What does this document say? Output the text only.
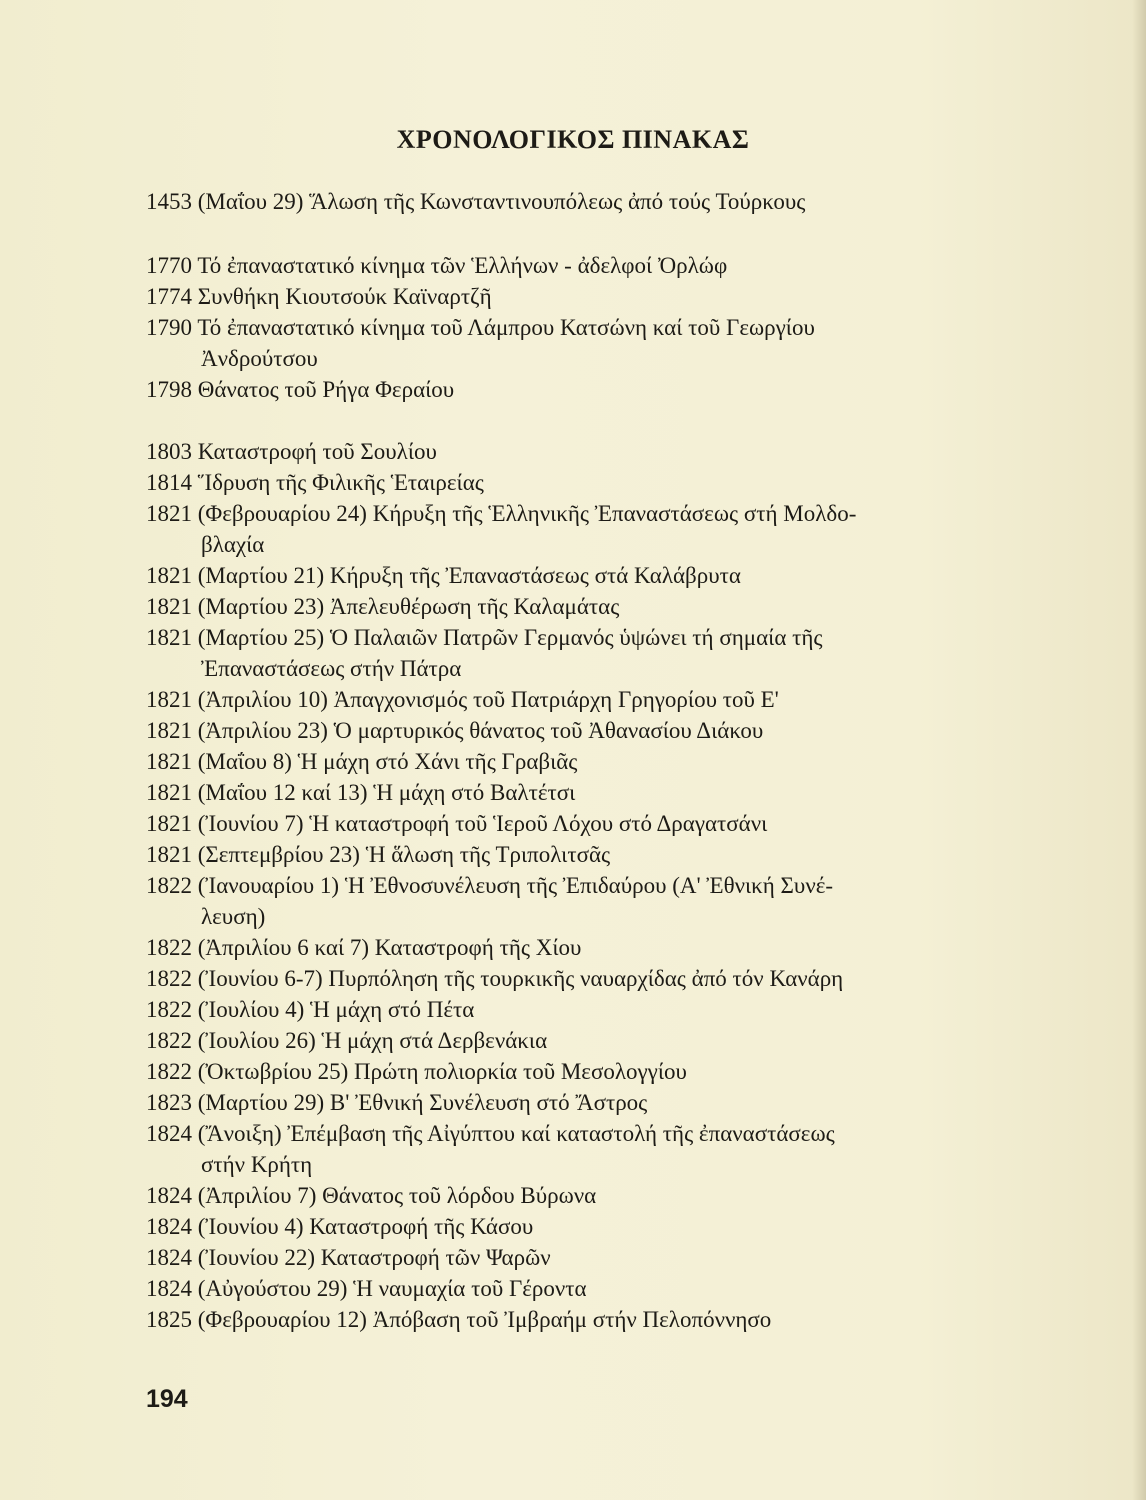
ΧΡΟΝΟΛΟΓΙΚΟΣ ΠΙΝΑΚΑΣ
1453 (Μαΐου 29) Ἅλωση τῆς Κωνσταντινουπόλεως ἀπό τούς Τούρκους
1770 Τό ἐπαναστατικό κίνημα τῶν Ἑλλήνων - ἀδελφοί Ὀρλώφ
1774 Συνθήκη Κιουτσούκ Καϊναρτζῆ
1790 Τό ἐπαναστατικό κίνημα τοῦ Λάμπρου Κατσώνη καί τοῦ Γεωργίου
Ἀνδρούτσου
1798 Θάνατος τοῦ Ρήγα Φεραίου
1803 Καταστροφή τοῦ Σουλίου
1814 Ἵδρυση τῆς Φιλικῆς Ἑταιρείας
1821 (Φεβρουαρίου 24) Κήρυξη τῆς Ἑλληνικῆς Ἐπαναστάσεως στή Μολδο-
βλαχία
1821 (Μαρτίου 21) Κήρυξη τῆς Ἐπαναστάσεως στά Καλάβρυτα
1821 (Μαρτίου 23) Ἀπελευθέρωση τῆς Καλαμάτας
1821 (Μαρτίου 25) Ὁ Παλαιῶν Πατρῶν Γερμανός ὑψώνει τή σημαία τῆς
Ἐπαναστάσεως στήν Πάτρα
1821 (Ἀπριλίου 10) Ἀπαγχονισμός τοῦ Πατριάρχη Γρηγορίου τοῦ Ε'
1821 (Ἀπριλίου 23) Ὁ μαρτυρικός θάνατος τοῦ Ἀθανασίου Διάκου
1821 (Μαΐου 8) Ἡ μάχη στό Χάνι τῆς Γραβιᾶς
1821 (Μαΐου 12 καί 13) Ἡ μάχη στό Βαλτέτσι
1821 (Ἰουνίου 7) Ἡ καταστροφή τοῦ Ἱεροῦ Λόχου στό Δραγατσάνι
1821 (Σεπτεμβρίου 23) Ἡ ἅλωση τῆς Τριπολιτσᾶς
1822 (Ἰανουαρίου 1) Ἡ Ἐθνοσυνέλευση τῆς Ἐπιδαύρου (Α' Ἐθνική Συνέ-
λευση)
1822 (Ἀπριλίου 6 καί 7) Καταστροφή τῆς Χίου
1822 (Ἰουνίου 6-7) Πυρπόληση τῆς τουρκικῆς ναυαρχίδας ἀπό τόν Κανάρη
1822 (Ἰουλίου 4) Ἡ μάχη στό Πέτα
1822 (Ἰουλίου 26) Ἡ μάχη στά Δερβενάκια
1822 (Ὀκτωβρίου 25) Πρώτη πολιορκία τοῦ Μεσολογγίου
1823 (Μαρτίου 29) Β' Ἐθνική Συνέλευση στό Ἄστρος
1824 (Ἄνοιξη) Ἐπέμβαση τῆς Αἰγύπτου καί καταστολή τῆς ἐπαναστάσεως
στήν Κρήτη
1824 (Ἀπριλίου 7) Θάνατος τοῦ λόρδου Βύρωνα
1824 (Ἰουνίου 4) Καταστροφή τῆς Κάσου
1824 (Ἰουνίου 22) Καταστροφή τῶν Ψαρῶν
1824 (Αὐγούστου 29) Ἡ ναυμαχία τοῦ Γέροντα
1825 (Φεβρουαρίου 12) Ἀπόβαση τοῦ Ἰμβραήμ στήν Πελοπόννησο
194
